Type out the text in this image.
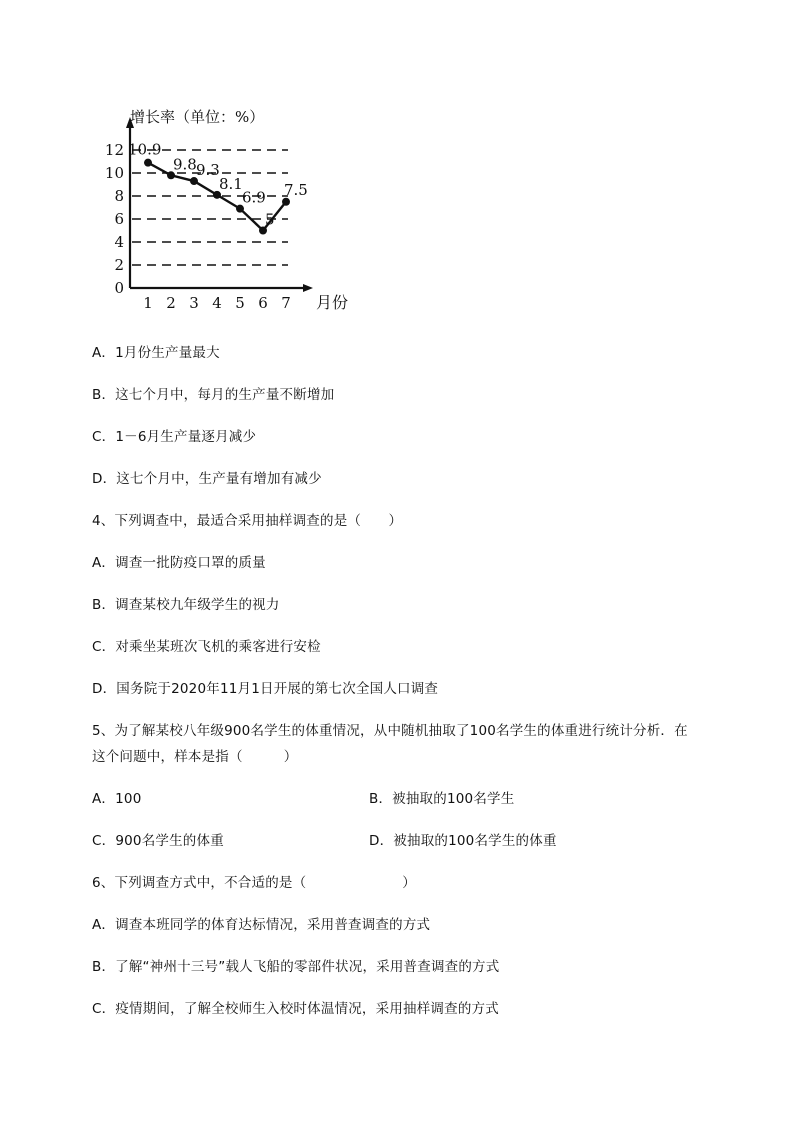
0
2
4
6
8
10
12
1 2 3 4 5 6 7
增长率（单位：%）
月份
10.9
9.8 9.3
8.1
6.9
5
7.5
A．1月份生产量最大
B．这七个月中，每月的生产量不断增加
C．1－6月生产量逐月减少
D．这七个月中，生产量有增加有减少
4、下列调查中，最适合采用抽样调查的是（　　）
A．调查一批防疫口罩的质量
B．调查某校九年级学生的视力
C．对乘坐某班次飞机的乘客进行安检
D．国务院于2020年11月1日开展的第七次全国人口调查
5、为了解某校八年级900名学生的体重情况，从中随机抽取了100名学生的体重进行统计分析．在
这个问题中，样本是指（　　　）
A．100	B．被抽取的100名学生
C．900名学生的体重	D．被抽取的100名学生的体重
6、下列调查方式中，不合适的是（　　　　　　　）
A．调查本班同学的体育达标情况，采用普查调查的方式
B．了解“神州十三号”载人飞船的零部件状况，采用普查调查的方式
C．疫情期间，了解全校师生入校时体温情况，采用抽样调查的方式
